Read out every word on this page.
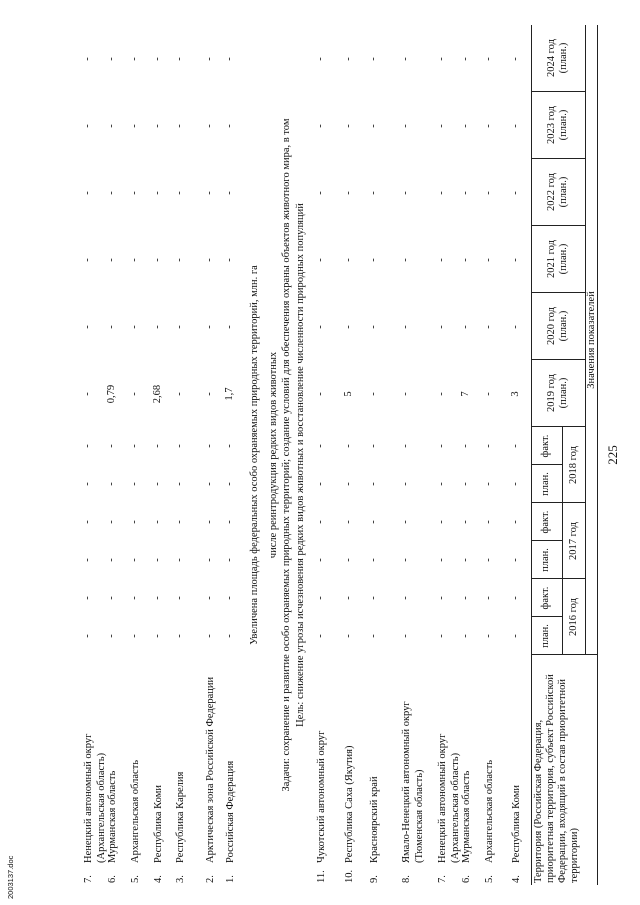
2003137.doc
225
Территория (Российская Федерация, приоритетная территория, субъект Российской Федерации, входящий в состав приоритетной территории)
Значения показателей
2016 год
2017 год
2018 год
план.
факт.
план.
факт.
план.
факт.
2019 год (план.)
2020 год (план.)
2021 год (план.)
2022 год (план.)
2023 год (план.)
2024 год (план.)
4.
Республика Коми
-
-
-
-
-
-
3
-
-
-
-
-
5.
Архангельская область
-
-
-
-
-
-
-
-
-
-
-
-
6.
Мурманская область
-
-
-
-
-
-
7
-
-
-
-
-
7.
Ненецкий автономный округ (Архангельская область)
-
-
-
-
-
-
-
-
-
-
-
-
8.
Ямало-Ненецкий автономный округ (Тюменская область)
-
-
-
-
-
-
-
-
-
-
-
-
9.
Красноярский край
-
-
-
-
-
-
-
-
-
-
-
-
10.
Республика Саха (Якутия)
-
-
-
-
-
-
5
-
-
-
-
-
11.
Чукотский автономный округ
-
-
-
-
-
-
-
-
-
-
-
-
Цель: снижение угрозы исчезновения редких видов животных и восстановление численности природных популяций
Задачи: сохранение и развитие особо охраняемых природных территорий; создание условий для обеспечения охраны объектов животного мира, в том
числе реинтродукция редких видов животных
Увеличена площадь федеральных особо охраняемых природных территорий, млн. га
1.
Российская Федерация
-
-
-
-
-
-
1,7
-
-
-
-
-
2.
Арктическая зона Российской Федерации
-
-
-
-
-
-
-
-
-
-
-
-
3.
Республика Карелия
-
-
-
-
-
-
-
-
-
-
-
-
4.
Республика Коми
-
-
-
-
-
-
2,68
-
-
-
-
-
5.
Архангельская область
-
-
-
-
-
-
-
-
-
-
-
-
6.
Мурманская область
-
-
-
-
-
-
0,79
-
-
-
-
-
7.
Ненецкий автономный округ (Архангельская область)
-
-
-
-
-
-
-
-
-
-
-
-
